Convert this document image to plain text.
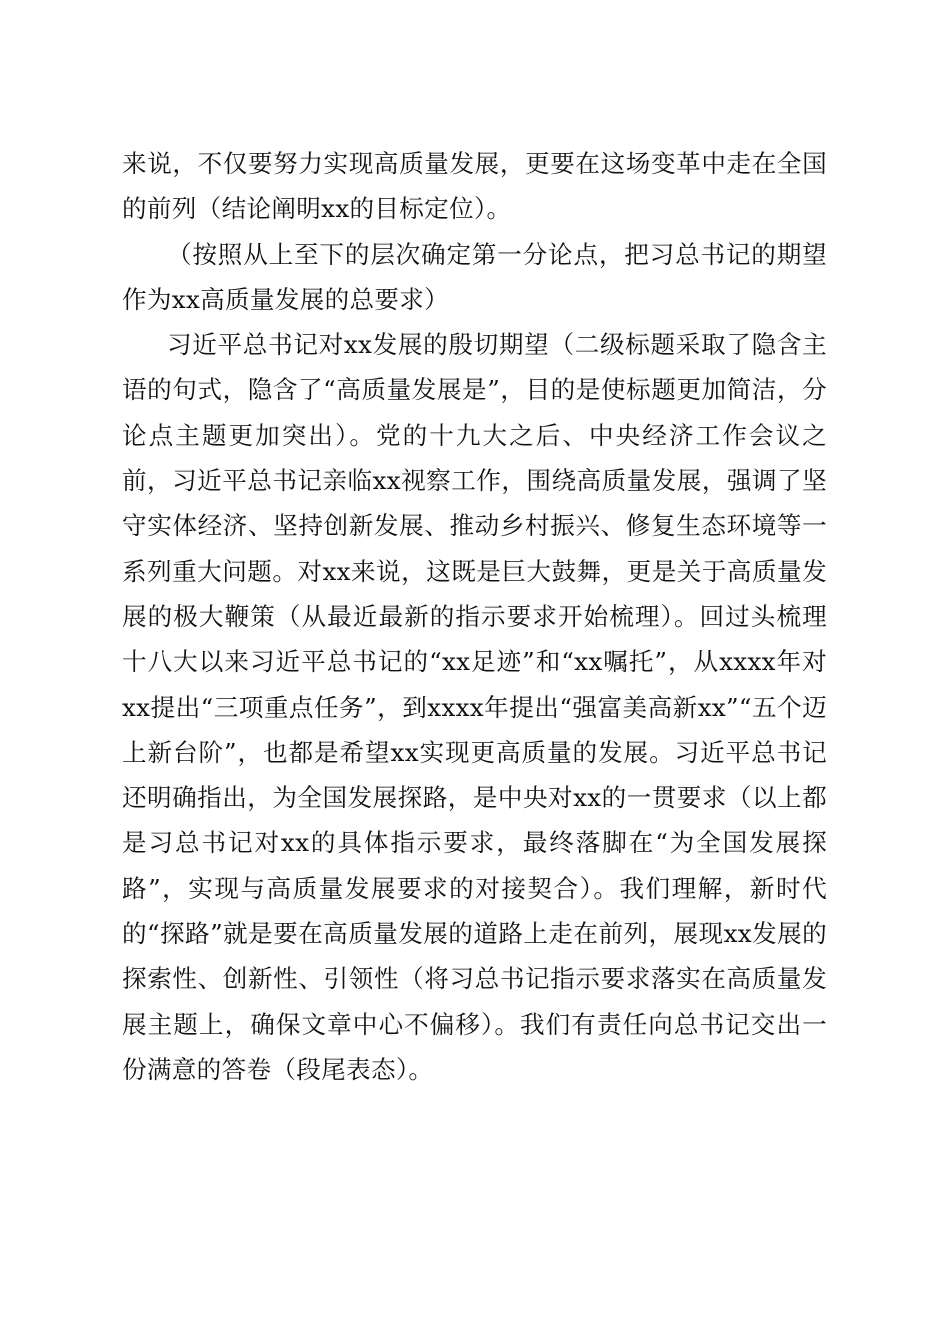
来说，不仅要努力实现高质量发展，更要在这场变革中走在全国的前列（结论阐明xx的目标定位）。

（按照从上至下的层次确定第一分论点，把习总书记的期望作为xx高质量发展的总要求）

习近平总书记对xx发展的殷切期望（二级标题采取了隐含主语的句式，隐含了“高质量发展是”，目的是使标题更加简洁，分论点主题更加突出）。党的十九大之后、中央经济工作会议之前，习近平总书记亲临xx视察工作，围绕高质量发展，强调了坚守实体经济、坚持创新发展、推动乡村振兴、修复生态环境等一系列重大问题。对xx来说，这既是巨大鼓舞，更是关于高质量发展的极大鞭策（从最近最新的指示要求开始梳理）。回过头梳理十八大以来习近平总书记的“xx足迹”和“xx嘱托”，从xxxx年对xx提出“三项重点任务”，到xxxx年提出“强富美高新xx”“五个迈上新台阶”，也都是希望xx实现更高质量的发展。习近平总书记还明确指出，为全国发展探路，是中央对xx的一贯要求（以上都是习总书记对xx的具体指示要求，最终落脚在“为全国发展探路”，实现与高质量发展要求的对接契合）。我们理解，新时代的“探路”就是要在高质量发展的道路上走在前列，展现xx发展的探索性、创新性、引领性（将习总书记指示要求落实在高质量发展主题上，确保文章中心不偏移）。我们有责任向总书记交出一份满意的答卷（段尾表态）。
